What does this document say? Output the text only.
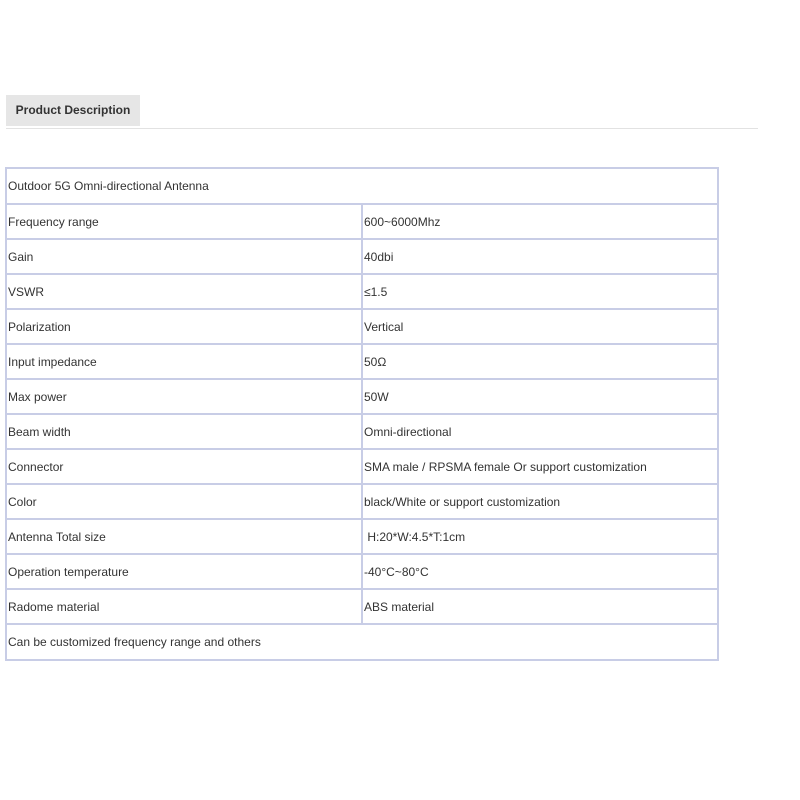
Product Description
Outdoor 5G Omni-directional Antenna	
Frequency range	600~6000Mhz
Gain	40dbi
VSWR	≤1.5
Polarization	Vertical
Input impedance	50Ω
Max power	50W
Beam width	Omni-directional
Connector	SMA male / RPSMA female Or support customization
Color	black/White or support customization
Antenna Total size	H:20*W:4.5*T:1cm
Operation temperature	-40°C~80°C
Radome material	ABS material
Can be customized frequency range and others	
